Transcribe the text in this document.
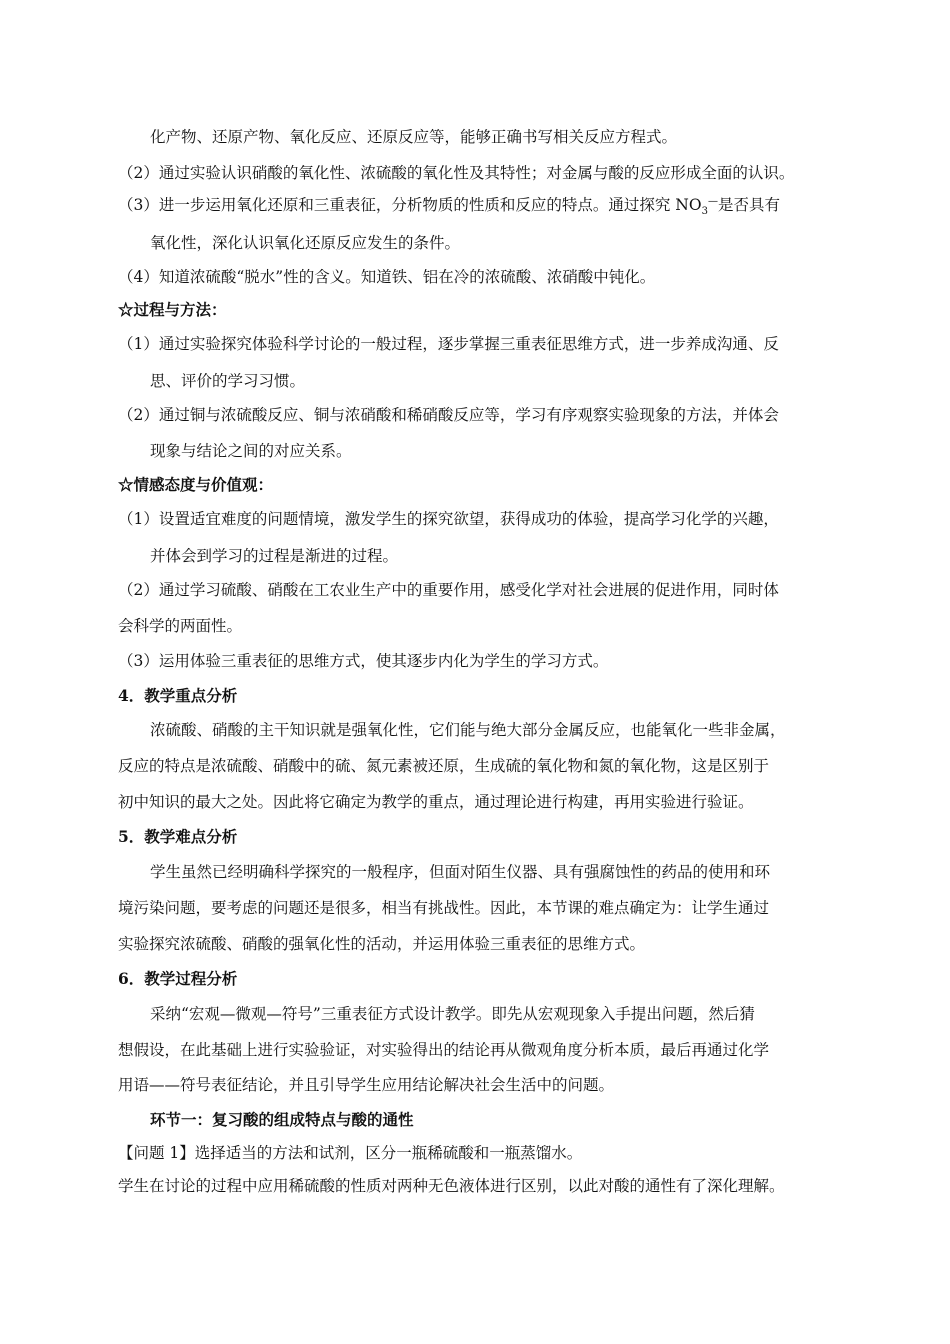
化产物、还原产物、氧化反应、还原反应等，能够正确书写相关反应方程式。
（2）通过实验认识硝酸的氧化性、浓硫酸的氧化性及其特性；对金属与酸的反应形成全面的认识。
（3）进一步运用氧化还原和三重表征，分析物质的性质和反应的特点。通过探究 $NO_3^—$是否具有
氧化性，深化认识氧化还原反应发生的条件。
（4）知道浓硫酸“脱水”性的含义。知道铁、铝在冷的浓硫酸、浓硝酸中钝化。
☆过程与方法：
（1）通过实验探究体验科学讨论的一般过程，逐步掌握三重表征思维方式，进一步养成沟通、反
思、评价的学习习惯。
（2）通过铜与浓硫酸反应、铜与浓硝酸和稀硝酸反应等，学习有序观察实验现象的方法，并体会
现象与结论之间的对应关系。
☆情感态度与价值观：
（1）设置适宜难度的问题情境，激发学生的探究欲望，获得成功的体验，提高学习化学的兴趣，
并体会到学习的过程是渐进的过程。
（2）通过学习硫酸、硝酸在工农业生产中的重要作用，感受化学对社会进展的促进作用，同时体
会科学的两面性。
（3）运用体验三重表征的思维方式，使其逐步内化为学生的学习方式。
4．教学重点分析
浓硫酸、硝酸的主干知识就是强氧化性，它们能与绝大部分金属反应，也能氧化一些非金属，
反应的特点是浓硫酸、硝酸中的硫、氮元素被还原，生成硫的氧化物和氮的氧化物，这是区别于
初中知识的最大之处。因此将它确定为教学的重点，通过理论进行构建，再用实验进行验证。
5．教学难点分析
学生虽然已经明确科学探究的一般程序，但面对陌生仪器、具有强腐蚀性的药品的使用和环
境污染问题，要考虑的问题还是很多，相当有挑战性。因此，本节课的难点确定为：让学生通过
实验探究浓硫酸、硝酸的强氧化性的活动，并运用体验三重表征的思维方式。
6．教学过程分析
采纳“宏观—微观—符号”三重表征方式设计教学。即先从宏观现象入手提出问题，然后猜
想假设，在此基础上进行实验验证，对实验得出的结论再从微观角度分析本质，最后再通过化学
用语——符号表征结论，并且引导学生应用结论解决社会生活中的问题。
环节一：复习酸的组成特点与酸的通性
【问题 1】选择适当的方法和试剂，区分一瓶稀硫酸和一瓶蒸馏水。
学生在讨论的过程中应用稀硫酸的性质对两种无色液体进行区别，以此对酸的通性有了深化理解。
